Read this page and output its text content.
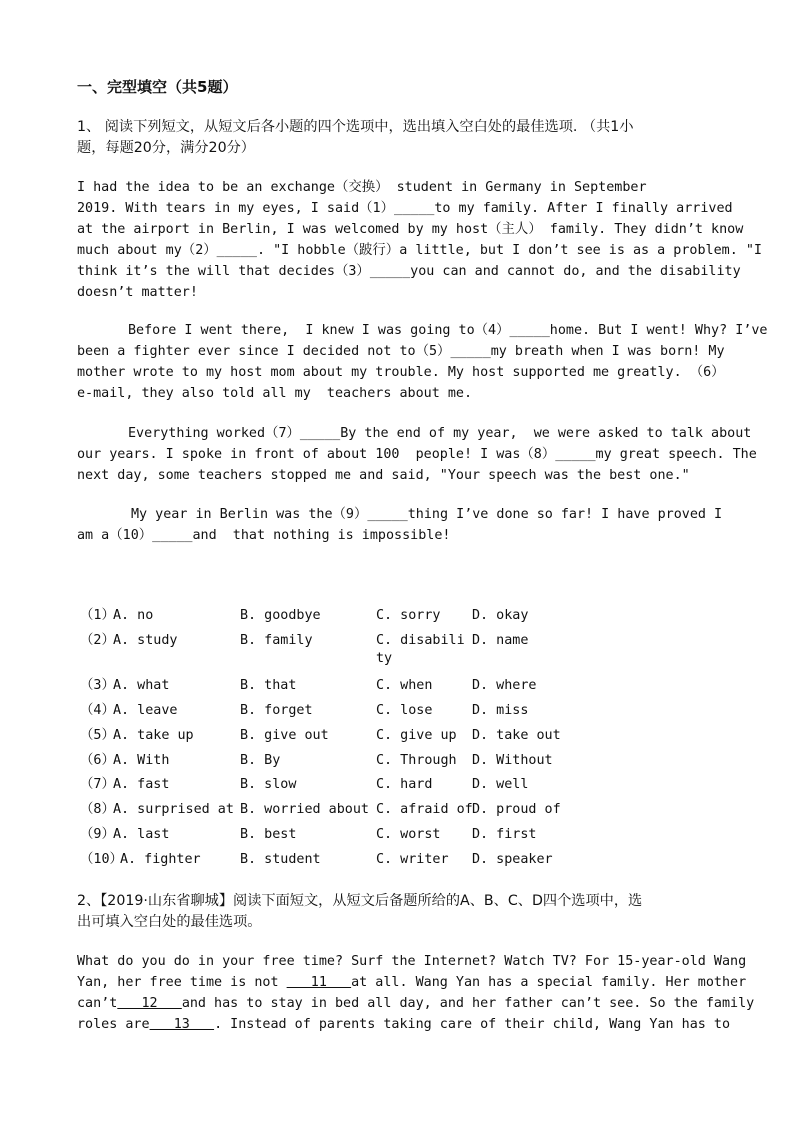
一、完型填空（共5题）
1、 阅读下列短文，从短文后各小题的四个选项中，选出填入空白处的最佳选项. （共1小
题，每题20分，满分20分）
I had the idea to be an exchange（交换） student in Germany in September
2019. With tears in my eyes, I said（1）_____to my family. After I finally arrived
at the airport in Berlin, I was welcomed by my host（主人） family. They didn’t know
much about my（2）_____. "I hobble（跛行）a little, but I don’t see is as a problem. "I
think it’s the will that decides（3）_____you can and cannot do, and the disability
doesn’t matter!
Before I went there,  I knew I was going to（4）_____home. But I went! Why? I’ve
been a fighter ever since I decided not to（5）_____my breath when I was born! My
mother wrote to my host mom about my trouble. My host supported me greatly. （6）
e‑mail, they also told all my  teachers about me.
Everything worked（7）_____By the end of my year,  we were asked to talk about
our years. I spoke in front of about 100  people! I was（8）_____my great speech. The
next day, some teachers stopped me and said, "Your speech was the best one."
My year in Berlin was the（9）_____thing I’ve done so far! I have proved I
am a（10）_____and  that nothing is impossible!
（1）
A. no	B. goodbye	C. sorry D. okay
（2）
A. study	B. family	C. disability
D. name
（3）
A. what	B. that	C. when	D. where
（4）
A. leave	B. forget	C. lose	D. miss
（5）
A. take up	B. give out	C. give up D. take out
（6）
A. With	B. By	C. Through D. Without
（7）
A. fast	B. slow	C. hard	D. well
（8）
A. surprised at B. worried about C. afraid of D. proud of
（9）
A. last	B. best	C. worst D. first
（10）
A. fighter	B. student	C. writer D. speaker
2、【2019·山东省聊城】阅读下面短文，从短文后备题所给的A、B、C、D四个选项中，选
出可填入空白处的最佳选项。
What do you do in your free time? Surf the Internet? Watch TV? For 15-year-old Wang
Yan, her free time is not    11   at all. Wang Yan has a special family. Her mother
can’t   12   and has to stay in bed all day, and her father can’t see. So the family
roles are   13   . Instead of parents taking care of their child, Wang Yan has to
